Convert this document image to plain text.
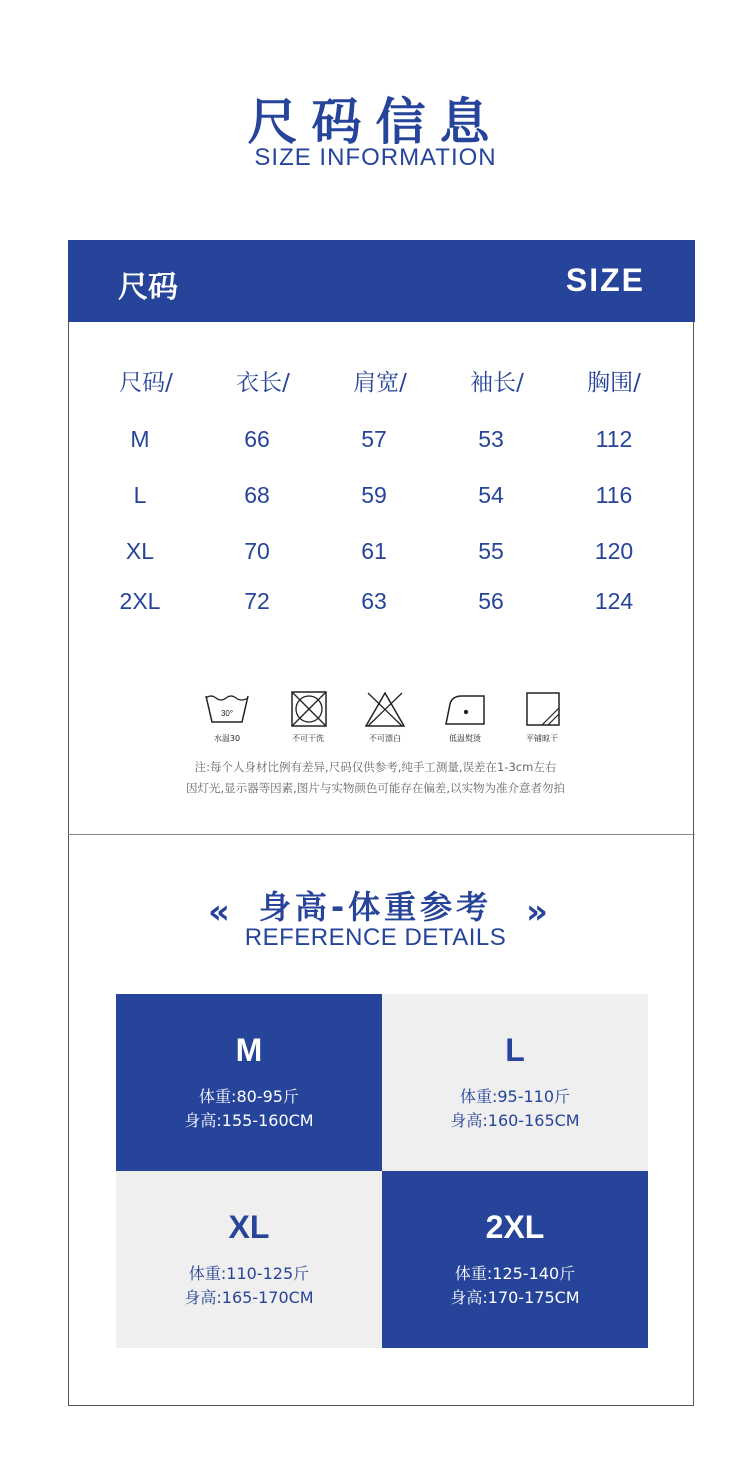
尺码信息
SIZE INFORMATION
尺码	SIZE
尺码/	衣长/	肩宽/	袖长/	胸围/
M	66	57	53	112
L	68	59	54	116
XL	70	61	55	120
2XL	72	63	56	124
30°
水温30	不可干洗	不可漂白	低温熨烫	平铺晾干
注:每个人身材比例有差异,尺码仅供参考,纯手工测量,误差在1-3cm左右
因灯光,显示器等因素,图片与实物颜色可能存在偏差,以实物为准介意者勿拍
«	»
身高-体重参考
REFERENCE DETAILS
M
体重:80-95斤
身高:155-160CM
L
体重:95-110斤
身高:160-165CM
XL
体重:110-125斤
身高:165-170CM
2XL
体重:125-140斤
身高:170-175CM
